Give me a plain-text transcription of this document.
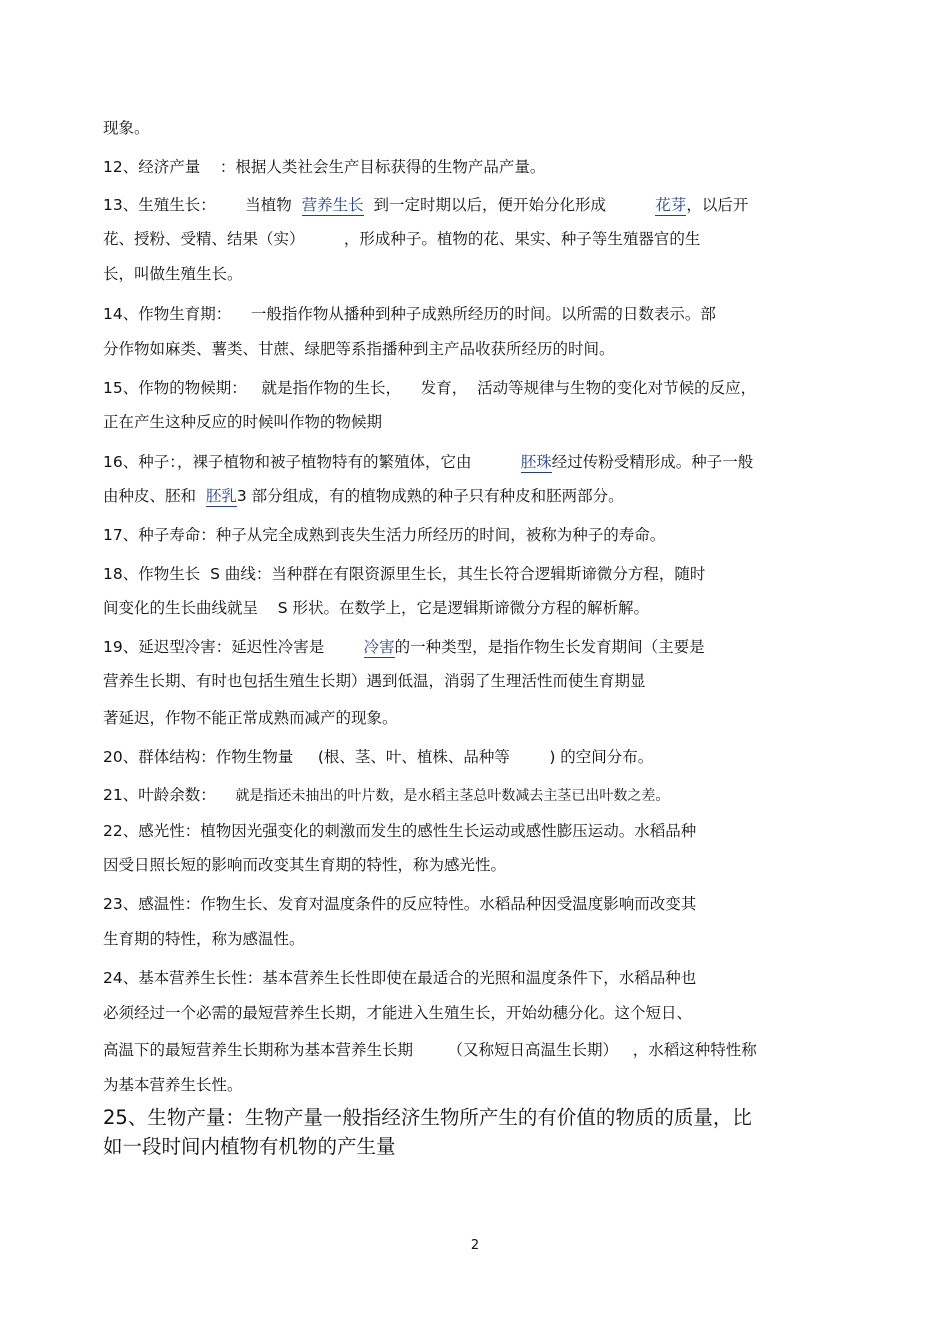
现象。
12、经济产量    ：根据人类社会生产目标获得的生物产品产量。
13、生殖生长：      当植物  营养生长  到一定时期以后，便开始分化形成          花芽，以后开
花、授粉、受精、结果（实）        ，形成种子。植物的花、果实、种子等生殖器官的生
长，叫做生殖生长。
14、作物生育期：    一般指作物从播种到种子成熟所经历的时间。以所需的日数表示。部
分作物如麻类、薯类、甘蔗、绿肥等系指播种到主产品收获所经历的时间。
15、作物的物候期：   就是指作物的生长，    发育，  活动等规律与生物的变化对节候的反应，
正在产生这种反应的时候叫作物的物候期
16、种子：，裸子植物和被子植物特有的繁殖体，它由          胚珠经过传粉受精形成。种子一般
由种皮、胚和  胚乳3 部分组成，有的植物成熟的种子只有种皮和胚两部分。
17、种子寿命：种子从完全成熟到丧失生活力所经历的时间，被称为种子的寿命。
18、作物生长  S 曲线：当种群在有限资源里生长，其生长符合逻辑斯谛微分方程，随时
间变化的生长曲线就呈    S 形状。在数学上，它是逻辑斯谛微分方程的解析解。
19、延迟型冷害：延迟性冷害是        冷害的一种类型，是指作物生长发育期间（主要是
营养生长期、有时也包括生殖生长期）遇到低温，消弱了生理活性而使生育期显
著延迟，作物不能正常成熟而减产的现象。
20、群体结构：作物生物量     (根、茎、叶、植株、品种等        ) 的空间分布。
21、叶龄余数：    就是指还未抽出的叶片数，是水稻主茎总叶数减去主茎已出叶数之差。
22、感光性：植物因光强变化的刺激而发生的感性生长运动或感性膨压运动。水稻品种
因受日照长短的影响而改变其生育期的特性，称为感光性。
23、感温性：作物生长、发育对温度条件的反应特性。水稻品种因受温度影响而改变其
生育期的特性，称为感温性。
24、基本营养生长性：基本营养生长性即使在最适合的光照和温度条件下，水稻品种也
必须经过一个必需的最短营养生长期，才能进入生殖生长，开始幼穗分化。这个短日、
高温下的最短营养生长期称为基本营养生长期       （又称短日高温生长期）   ，水稻这种特性称
为基本营养生长性。
25、生物产量：生物产量一般指经济生物所产生的有价值的物质的质量，比
如一段时间内植物有机物的产生量
2
